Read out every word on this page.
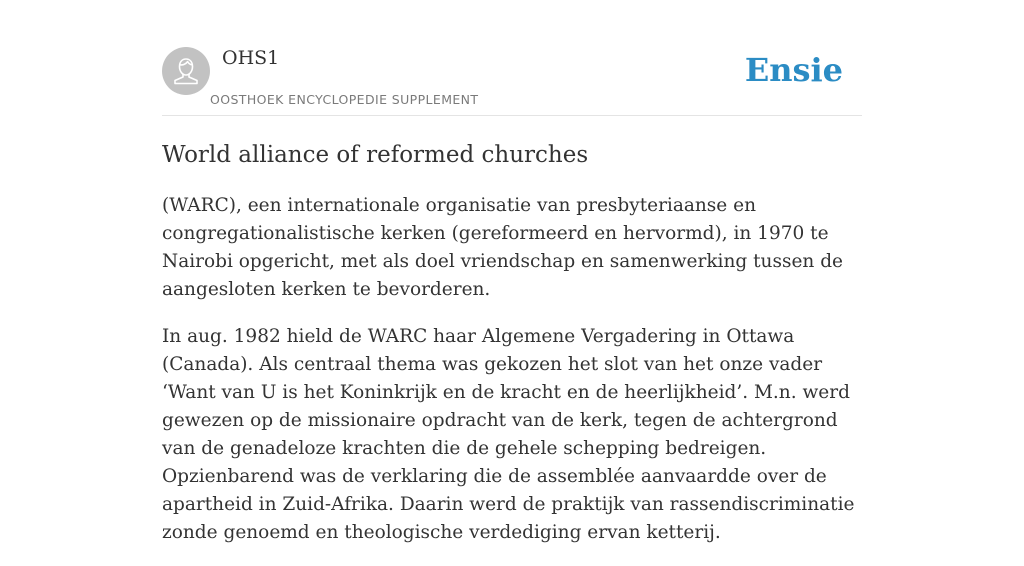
OHS1
OOSTHOEK ENCYCLOPEDIE SUPPLEMENT
Ensie
World alliance of reformed churches

(WARC), een internationale organisatie van presbyteriaanse en congregationalistische kerken (gereformeerd en hervormd), in 1970 te Nairobi opgericht, met als doel vriendschap en samenwerking tussen de aangesloten kerken te bevorderen.

In aug. 1982 hield de WARC haar Algemene Vergadering in Ottawa (Canada). Als centraal thema was gekozen het slot van het onze vader ‘Want van U is het Koninkrijk en de kracht en de heerlijkheid’. M.n. werd gewezen op de missionaire opdracht van de kerk, tegen de achtergrond van de genadeloze krachten die de gehele schepping bedreigen. Opzienbarend was de verklaring die de assemblée aanvaardde over de apartheid in Zuid-Afrika. Daarin werd de praktijk van rassendiscriminatie zonde genoemd en theologische verdediging ervan ketterij.
